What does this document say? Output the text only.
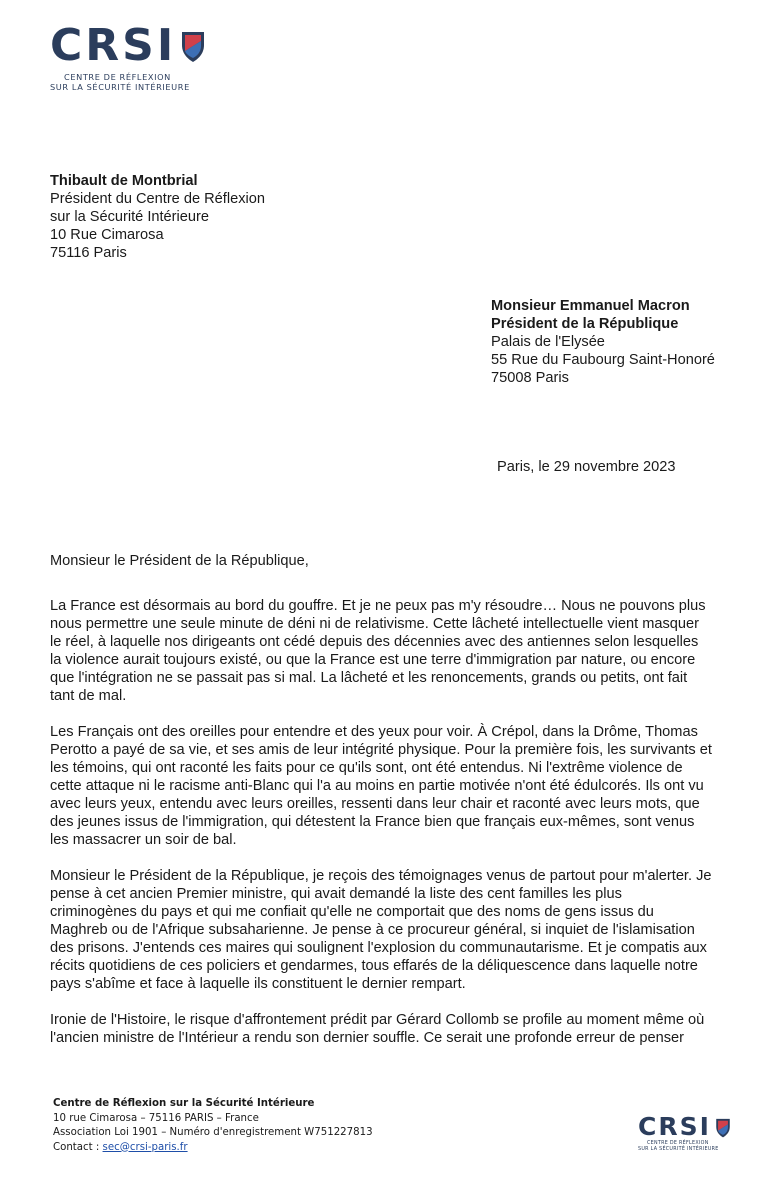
CRSI
CENTRE DE RÉFLEXION
SUR LA SÉCURITÉ INTÉRIEURE
Thibault de Montbrial
Président du Centre de Réflexion
sur la Sécurité Intérieure
10 Rue Cimarosa
75116 Paris
Monsieur Emmanuel Macron
Président de la République
Palais de l'Elysée
55 Rue du Faubourg Saint-Honoré
75008 Paris
Paris, le 29 novembre 2023
Monsieur le Président de la République,

La France est désormais au bord du gouffre. Et je ne peux pas m'y résoudre… Nous ne pouvons plus
nous permettre une seule minute de déni ni de relativisme. Cette lâcheté intellectuelle vient masquer
le réel, à laquelle nos dirigeants ont cédé depuis des décennies avec des antiennes selon lesquelles
la violence aurait toujours existé, ou que la France est une terre d'immigration par nature, ou encore
que l'intégration ne se passait pas si mal. La lâcheté et les renoncements, grands ou petits, ont fait
tant de mal.

Les Français ont des oreilles pour entendre et des yeux pour voir. À Crépol, dans la Drôme, Thomas
Perotto a payé de sa vie, et ses amis de leur intégrité physique. Pour la première fois, les survivants et
les témoins, qui ont raconté les faits pour ce qu'ils sont, ont été entendus. Ni l'extrême violence de
cette attaque ni le racisme anti-Blanc qui l'a au moins en partie motivée n'ont été édulcorés. Ils ont vu
avec leurs yeux, entendu avec leurs oreilles, ressenti dans leur chair et raconté avec leurs mots, que
des jeunes issus de l'immigration, qui détestent la France bien que français eux-mêmes, sont venus
les massacrer un soir de bal.

Monsieur le Président de la République, je reçois des témoignages venus de partout pour m'alerter. Je
pense à cet ancien Premier ministre, qui avait demandé la liste des cent familles les plus
criminogènes du pays et qui me confiait qu'elle ne comportait que des noms de gens issus du
Maghreb ou de l'Afrique subsaharienne. Je pense à ce procureur général, si inquiet de l'islamisation
des prisons. J'entends ces maires qui soulignent l'explosion du communautarisme. Et je compatis aux
récits quotidiens de ces policiers et gendarmes, tous effarés de la déliquescence dans laquelle notre
pays s'abîme et face à laquelle ils constituent le dernier rempart.

Ironie de l'Histoire, le risque d'affrontement prédit par Gérard Collomb se profile au moment même où
l'ancien ministre de l'Intérieur a rendu son dernier souffle. Ce serait une profonde erreur de penser

Centre de Réflexion sur la Sécurité Intérieure
10 rue Cimarosa – 75116 PARIS – France
Association Loi 1901 – Numéro d'enregistrement W751227813
Contact : sec@crsi-paris.fr
CRSI
CENTRE DE RÉFLEXION
SUR LA SÉCURITÉ INTÉRIEURE
